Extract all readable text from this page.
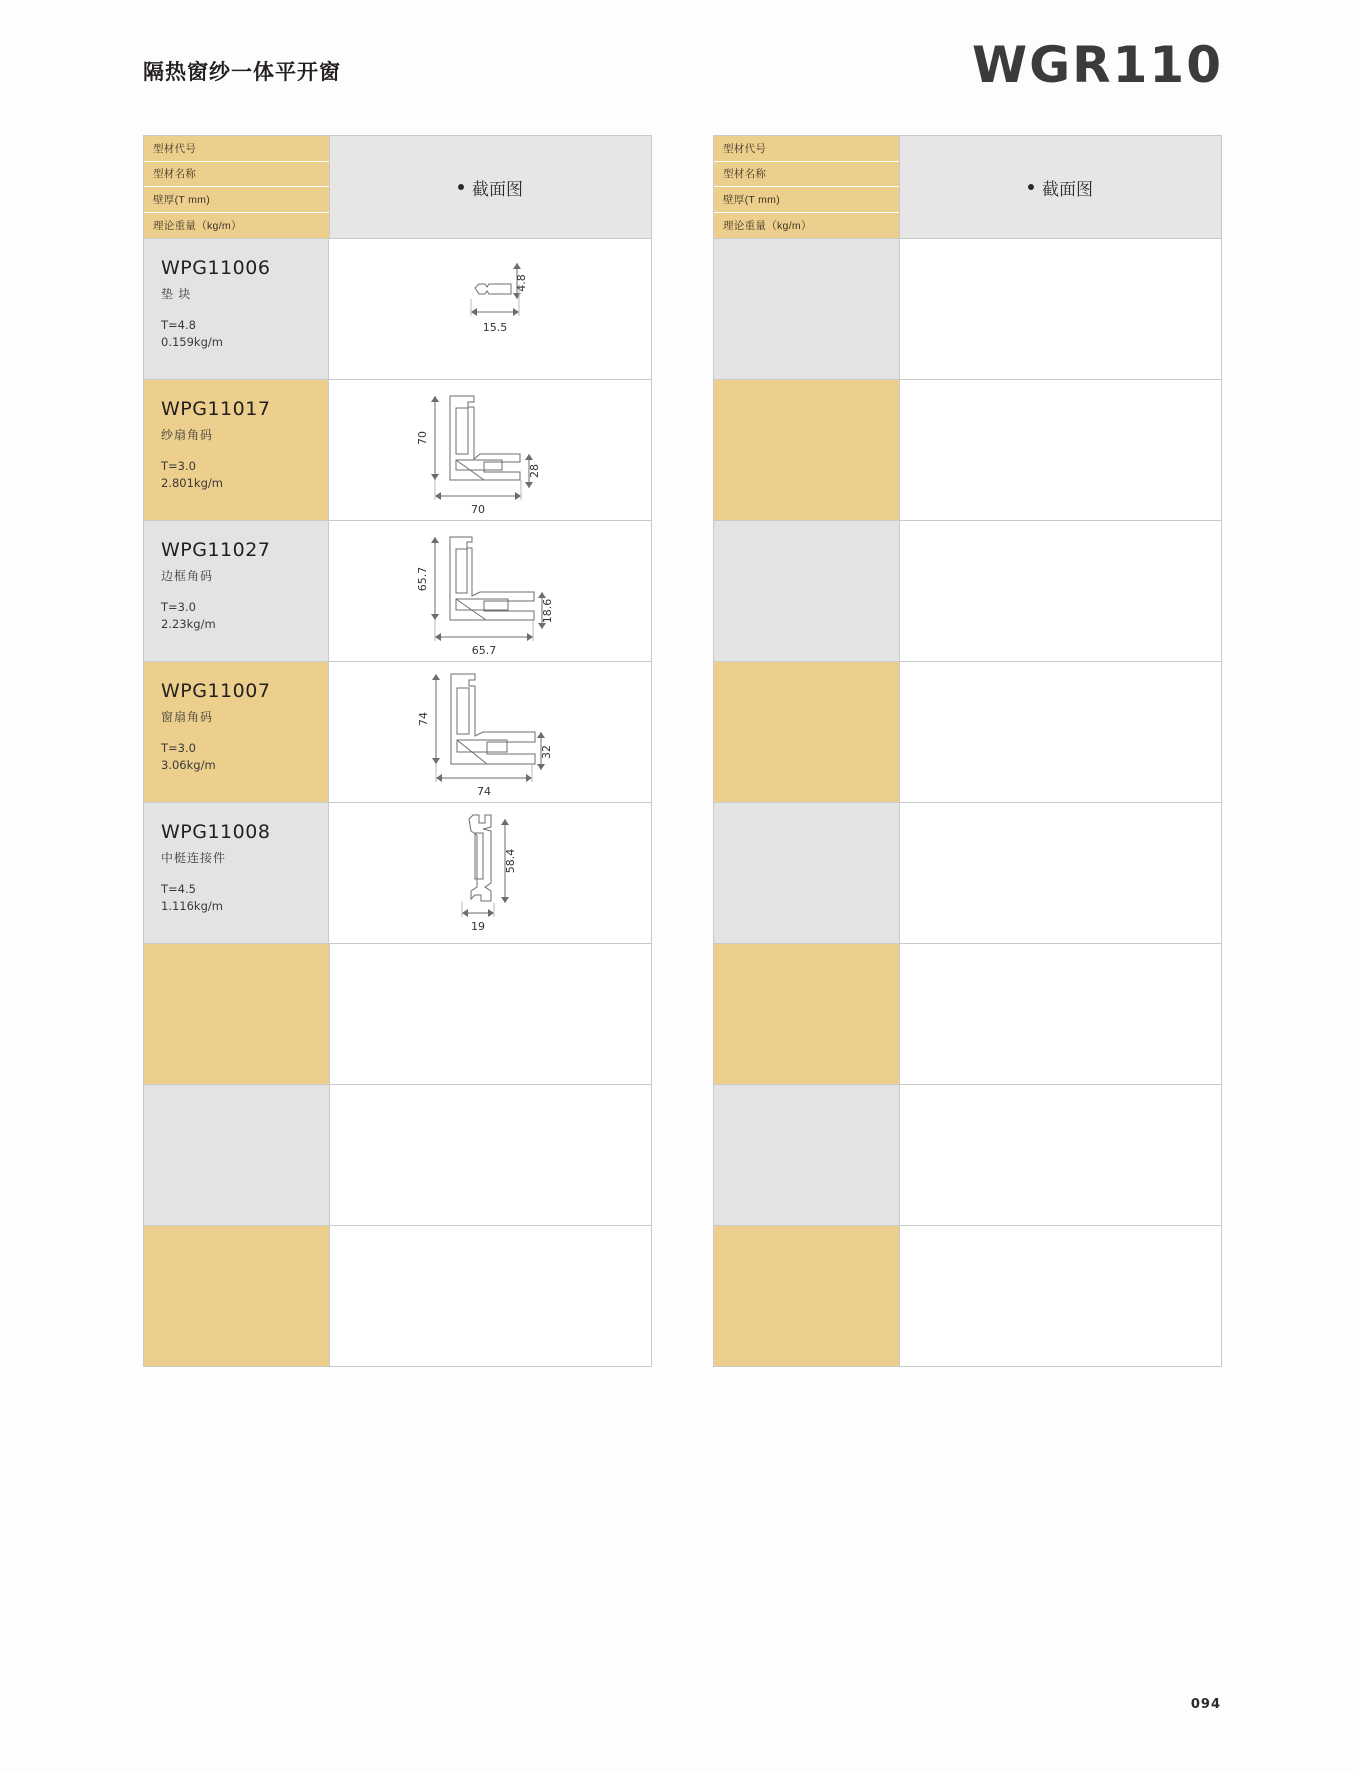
隔热窗纱一体平开窗	WGR110
型材代号
型材名称
壁厚(T mm)
理论重量（kg/m）
截面图
WPG11006
垫 块
T=4.8
0.159kg/m
4.8
15.5
WPG11017
纱扇角码
T=3.0
2.801kg/m
70
28
70
WPG11027
边框角码
T=3.0
2.23kg/m
65.7
18.6
65.7
WPG11007
窗扇角码
T=3.0
3.06kg/m
74
32
74
WPG11008
中梃连接件
T=4.5
1.116kg/m
58.4
19
型材代号
型材名称
壁厚(T mm)
理论重量（kg/m）
截面图
094
